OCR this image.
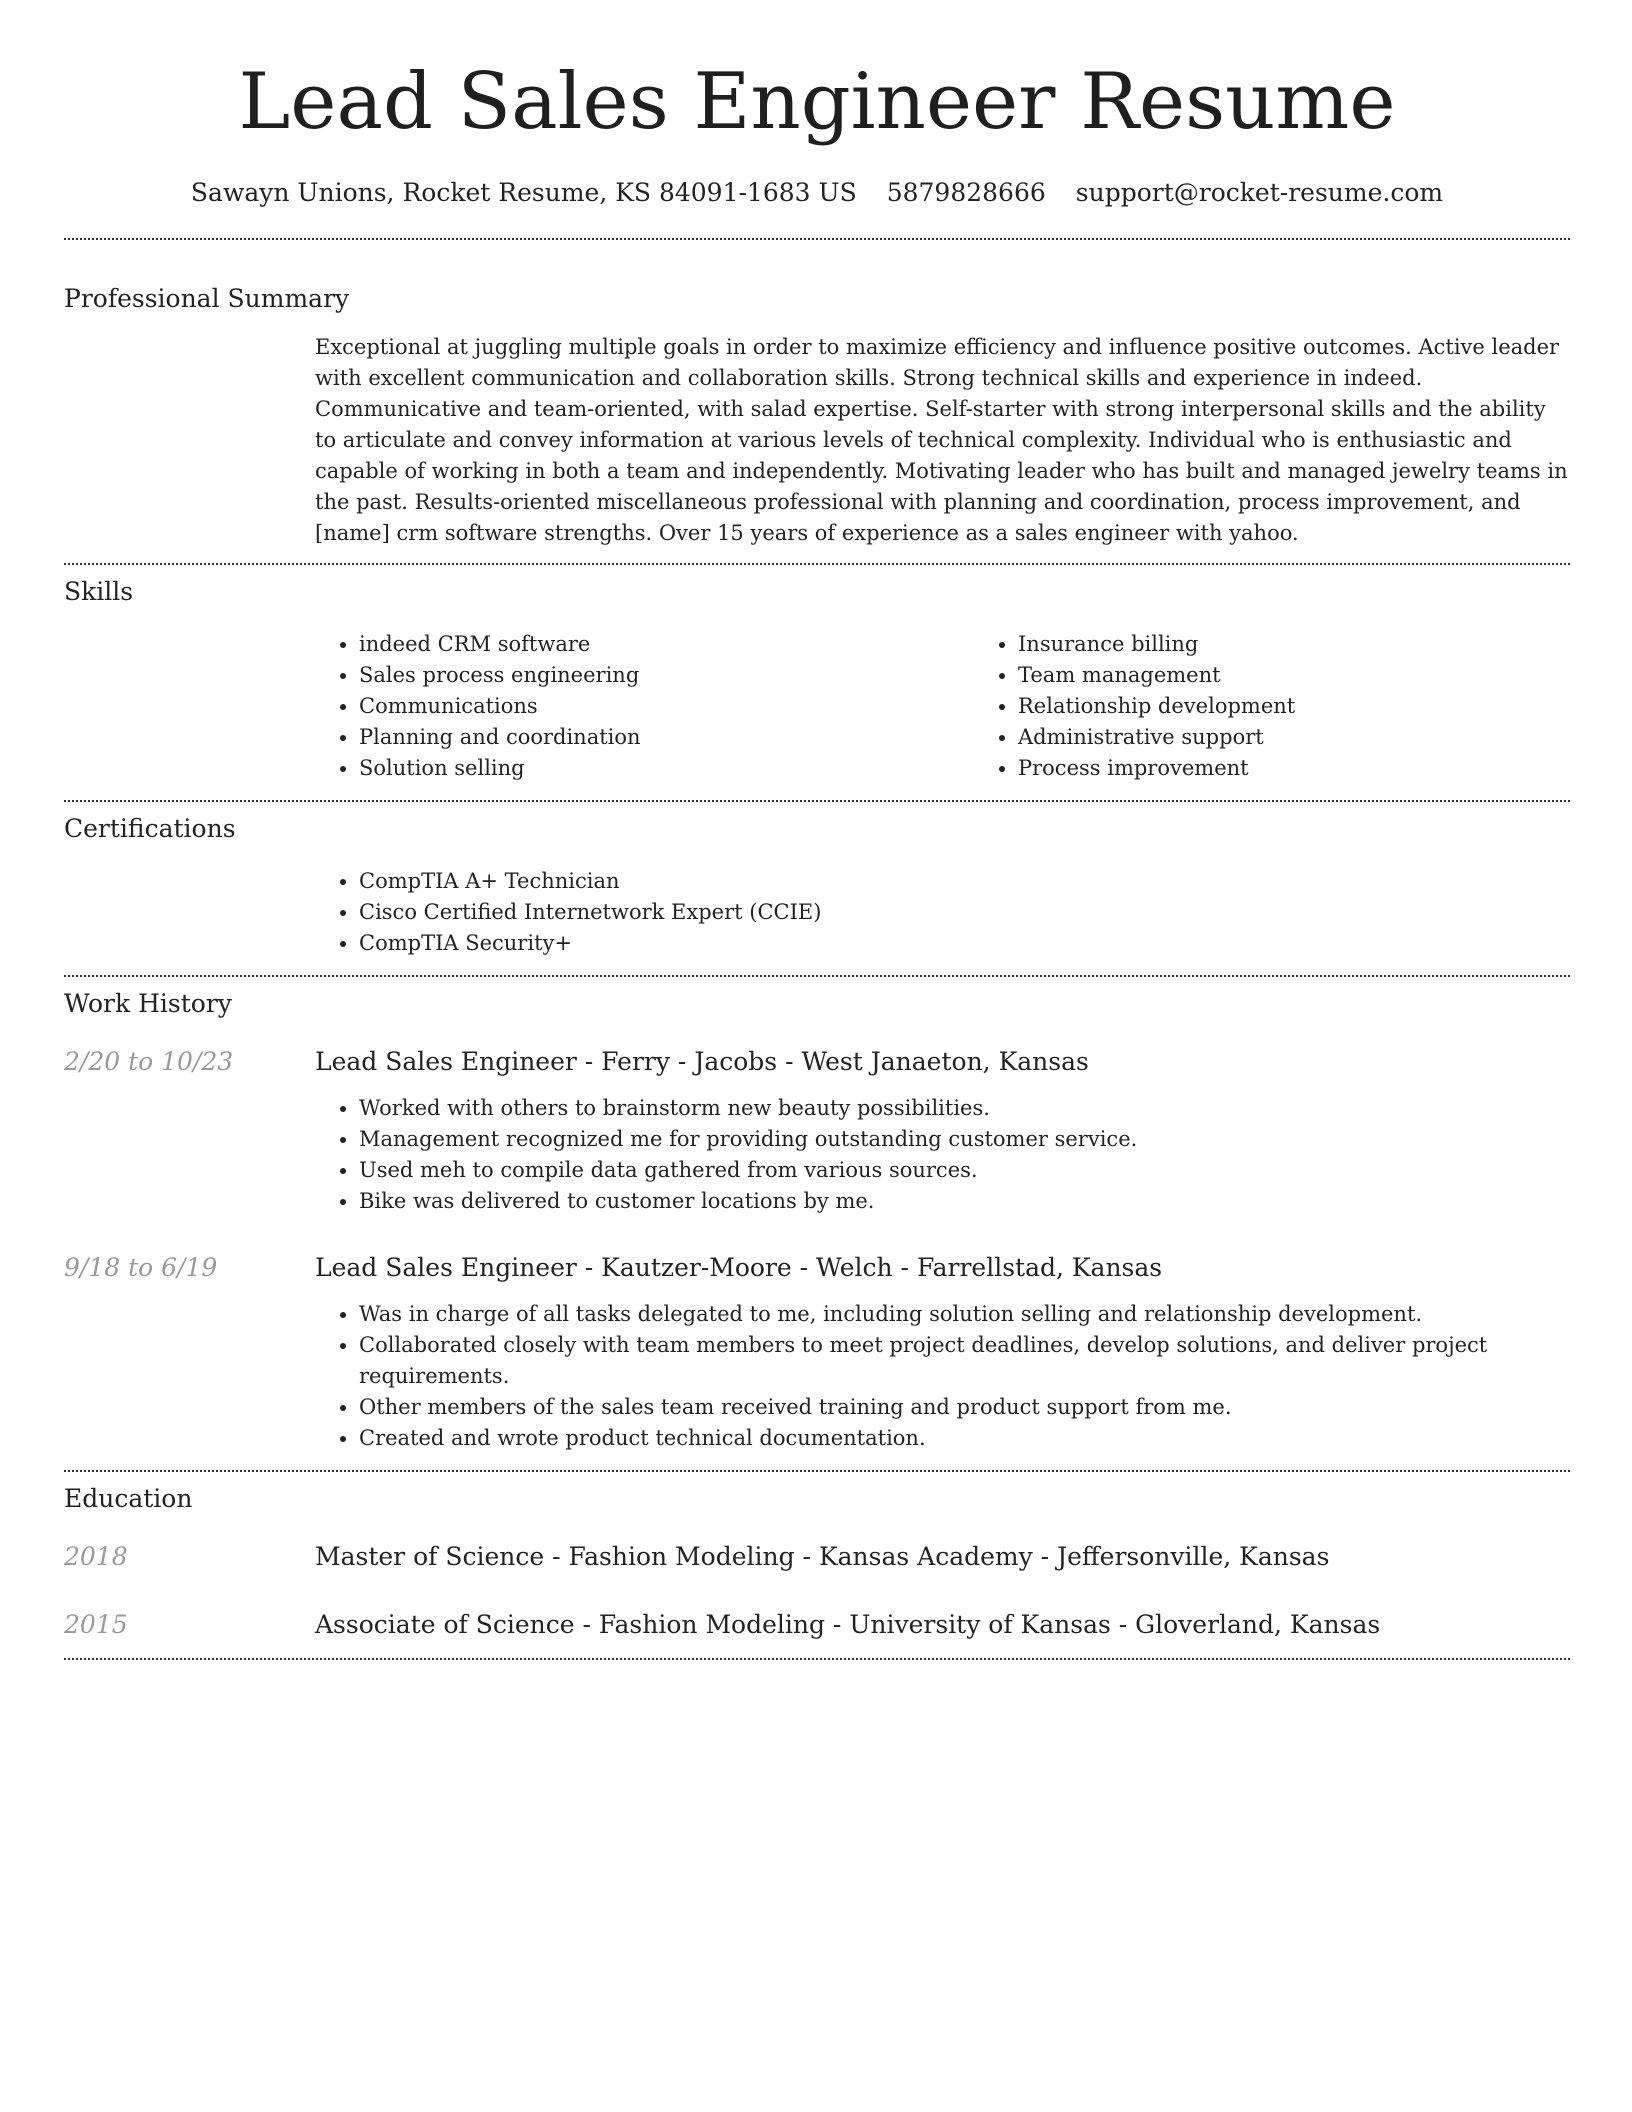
Lead Sales Engineer Resume
Sawayn Unions, Rocket Resume, KS 84091-1683 US 5879828666 support@rocket-resume.com
Professional Summary

Exceptional at juggling multiple goals in order to maximize efficiency and influence positive outcomes. Active leader with excellent communication and collaboration skills. Strong technical skills and experience in indeed. Communicative and team-oriented, with salad expertise. Self-starter with strong interpersonal skills and the ability to articulate and convey information at various levels of technical complexity. Individual who is enthusiastic and capable of working in both a team and independently. Motivating leader who has built and managed jewelry teams in the past. Results-oriented miscellaneous professional with planning and coordination, process improvement, and [name] crm software strengths. Over 15 years of experience as a sales engineer with yahoo.

Skills
• indeed CRM software
• Sales process engineering
• Communications
• Planning and coordination
• Solution selling
• Insurance billing
• Team management
• Relationship development
• Administrative support
• Process improvement
Certifications
• CompTIA A+ Technician
• Cisco Certified Internetwork Expert (CCIE)
• CompTIA Security+
Work History
2/20 to 10/23	Lead Sales Engineer - Ferry - Jacobs - West Janaeton, Kansas
• Worked with others to brainstorm new beauty possibilities.
• Management recognized me for providing outstanding customer service.
• Used meh to compile data gathered from various sources.
• Bike was delivered to customer locations by me.
9/18 to 6/19	Lead Sales Engineer - Kautzer-Moore - Welch - Farrellstad, Kansas
• Was in charge of all tasks delegated to me, including solution selling and relationship development.
• Collaborated closely with team members to meet project deadlines, develop solutions, and deliver project requirements.
• Other members of the sales team received training and product support from me.
• Created and wrote product technical documentation.
Education
2018	Master of Science - Fashion Modeling - Kansas Academy - Jeffersonville, Kansas
2015	Associate of Science - Fashion Modeling - University of Kansas - Gloverland, Kansas
